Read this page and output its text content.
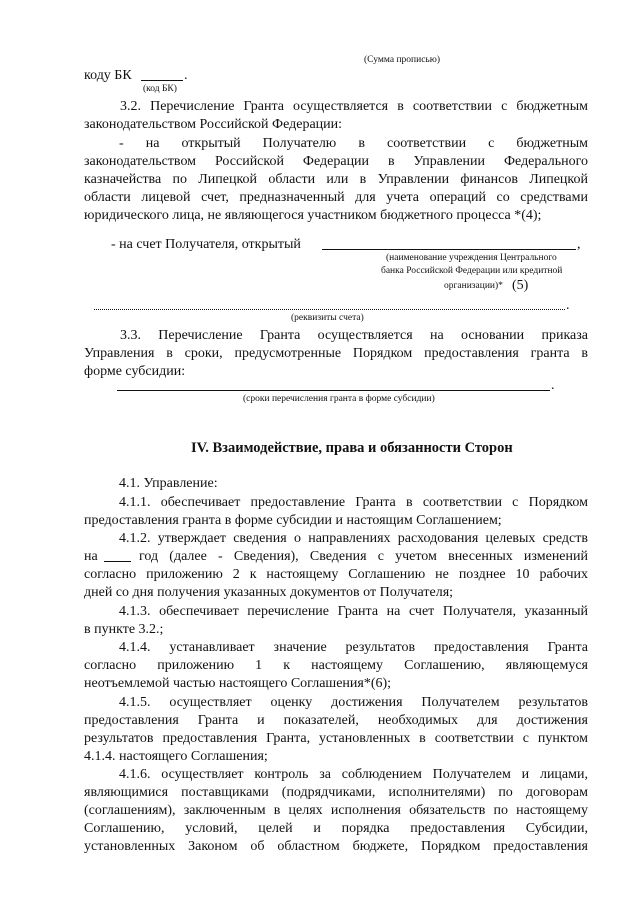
(Сумма прописью)
коду БК	.
(код БК)
3.2. Перечисление Гранта осуществляется в соответствии с бюджетным
законодательством Российской Федерации:
- на открытый Получателю в соответствии с бюджетным
законодательством Российской Федерации в Управлении Федерального
казначейства по Липецкой области или в Управлении финансов Липецкой
области лицевой счет, предназначенный для учета операций со средствами
юридического лица, не являющегося участником бюджетного процесса *(4);
- на счет Получателя, открытый	,
(наименование учреждения Центрального
банка Российской Федерации или кредитной
организации)* (5)
.
(реквизиты счета)
3.3. Перечисление Гранта осуществляется на основании приказа
Управления в сроки, предусмотренные Порядком предоставления гранта в
форме субсидии:
.
(сроки перечисления гранта в форме субсидии)
IV. Взаимодействие, права и обязанности Сторон
4.1. Управление:
4.1.1. обеспечивает предоставление Гранта в соответствии с Порядком
предоставления гранта в форме субсидии и настоящим Соглашением;
4.1.2. утверждает сведения о направлениях расходования целевых средств
на	год (далее - Сведения), Сведения с учетом внесенных изменений
согласно приложению 2 к настоящему Соглашению не позднее 10 рабочих
дней со дня получения указанных документов от Получателя;
4.1.3. обеспечивает перечисление Гранта на счет Получателя, указанный
в пункте 3.2.;
4.1.4. устанавливает значение результатов предоставления Гранта
согласно приложению 1 к настоящему Соглашению, являющемуся
неотъемлемой частью настоящего Соглашения*(6);
4.1.5. осуществляет оценку достижения Получателем результатов
предоставления Гранта и показателей, необходимых для достижения
результатов предоставления Гранта, установленных в соответствии с пунктом
4.1.4. настоящего Соглашения;
4.1.6. осуществляет контроль за соблюдением Получателем и лицами,
являющимися поставщиками (подрядчиками, исполнителями) по договорам
(соглашениям), заключенным в целях исполнения обязательств по настоящему
Соглашению, условий, целей и порядка предоставления Субсидии,
установленных Законом об областном бюджете, Порядком предоставления
